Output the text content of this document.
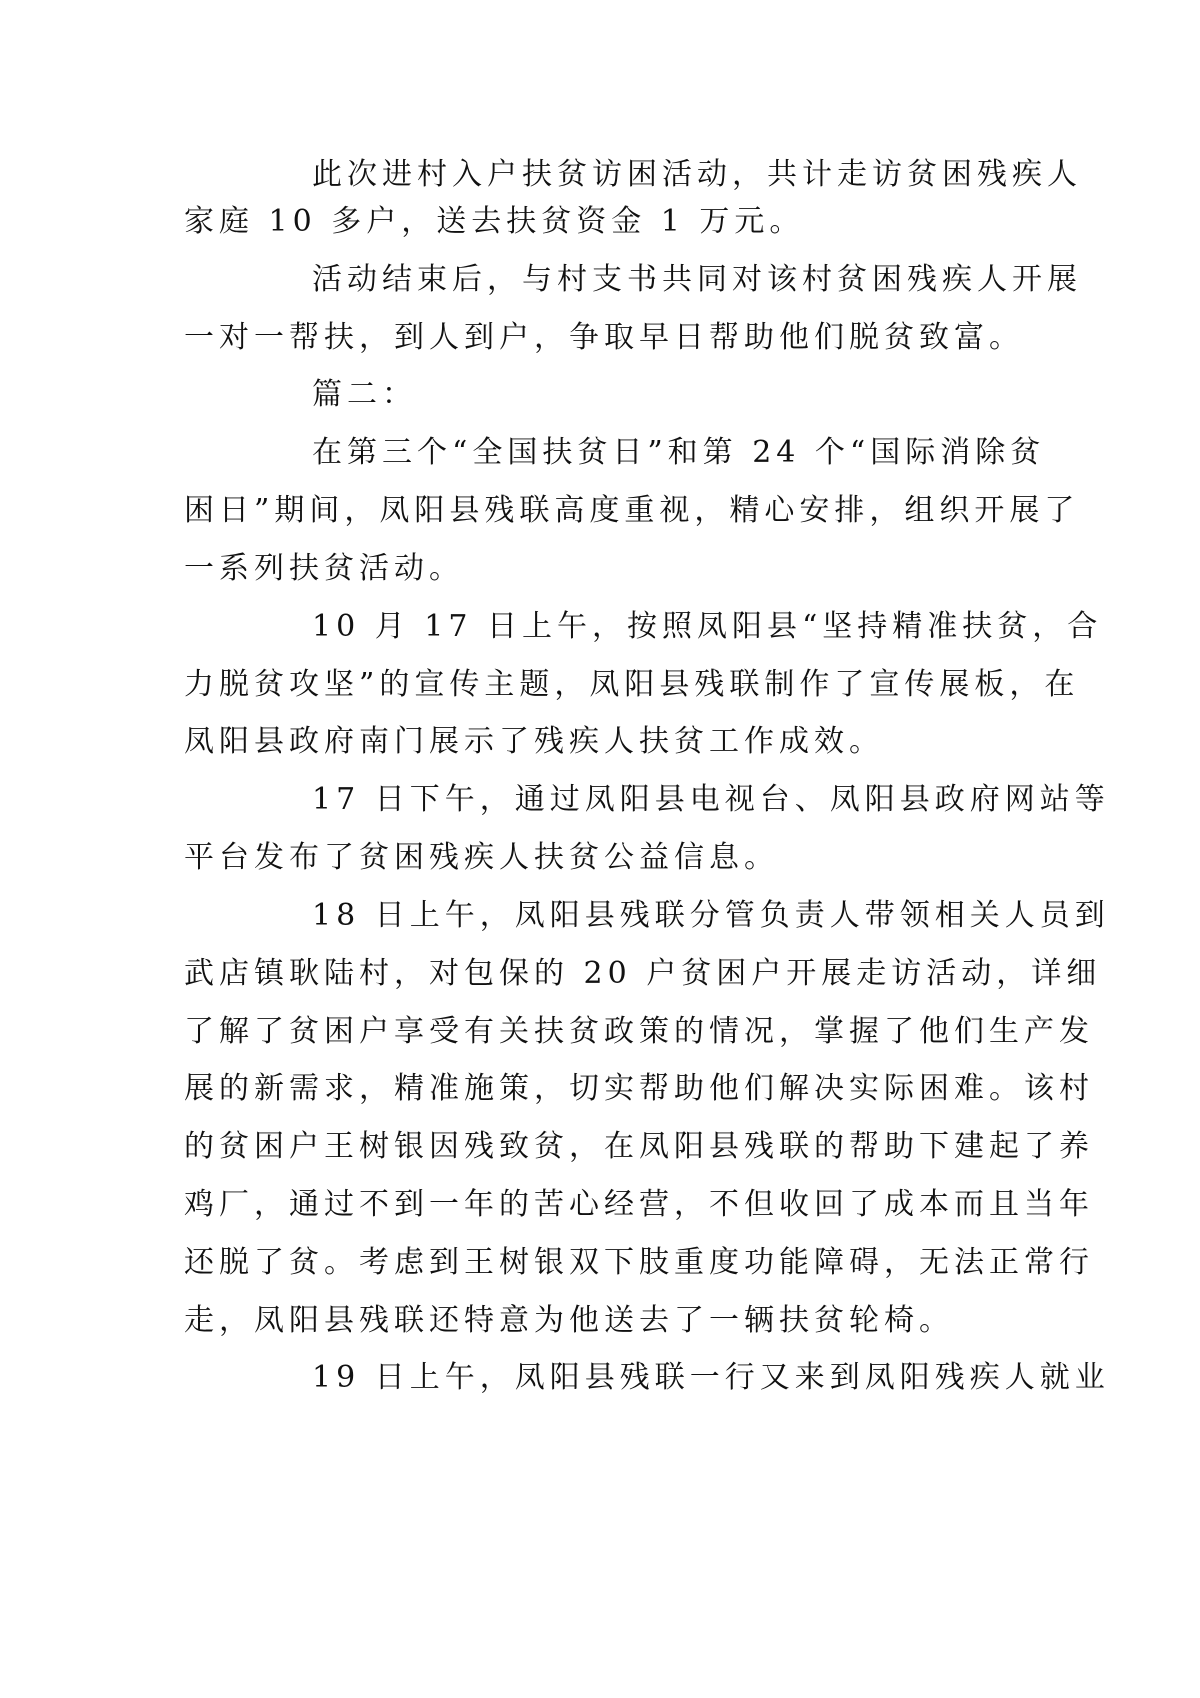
此次进村入户扶贫访困活动，共计走访贫困残疾人
家庭 10 多户，送去扶贫资金 1 万元。
活动结束后，与村支书共同对该村贫困残疾人开展
一对一帮扶，到人到户，争取早日帮助他们脱贫致富。
篇二：
在第三个“全国扶贫日”和第 24 个“国际消除贫
困日”期间，凤阳县残联高度重视，精心安排，组织开展了
一系列扶贫活动。
10 月 17 日上午，按照凤阳县“坚持精准扶贫，合
力脱贫攻坚”的宣传主题，凤阳县残联制作了宣传展板，在
凤阳县政府南门展示了残疾人扶贫工作成效。
17 日下午，通过凤阳县电视台、凤阳县政府网站等
平台发布了贫困残疾人扶贫公益信息。
18 日上午，凤阳县残联分管负责人带领相关人员到
武店镇耿陆村，对包保的 20 户贫困户开展走访活动，详细
了解了贫困户享受有关扶贫政策的情况，掌握了他们生产发
展的新需求，精准施策，切实帮助他们解决实际困难。该村
的贫困户王树银因残致贫，在凤阳县残联的帮助下建起了养
鸡厂，通过不到一年的苦心经营，不但收回了成本而且当年
还脱了贫。考虑到王树银双下肢重度功能障碍，无法正常行
走，凤阳县残联还特意为他送去了一辆扶贫轮椅。
19 日上午，凤阳县残联一行又来到凤阳残疾人就业
